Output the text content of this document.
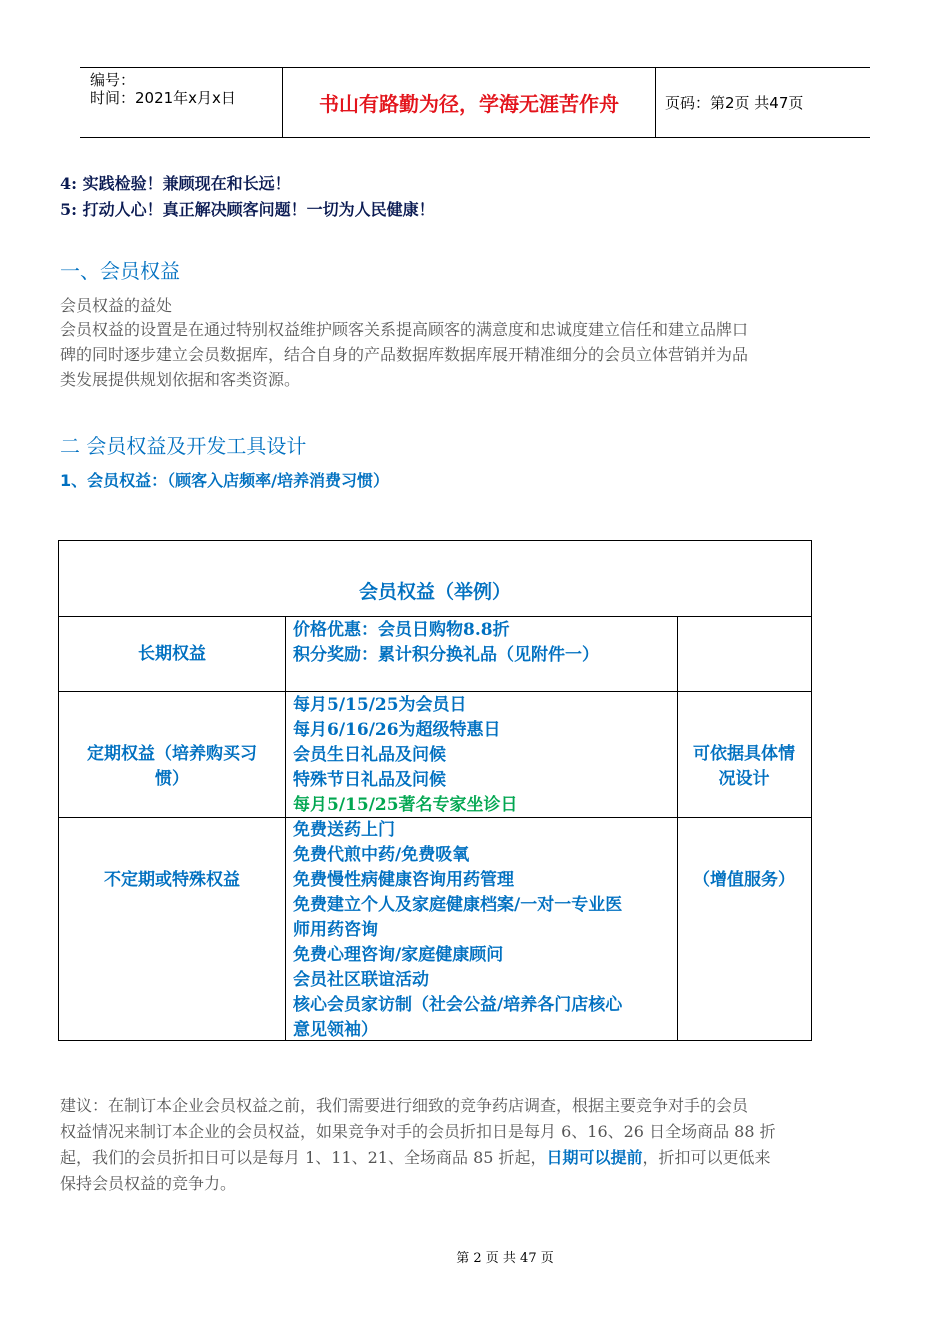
编号：
时间：2021年x月x日	书山有路勤为径，学海无涯苦作舟	页码：第2页 共47页
4: 实践检验！兼顾现在和长远！
5: 打动人心！真正解决顾客问题！一切为人民健康！
一、会员权益
会员权益的益处
会员权益的设置是在通过特别权益维护顾客关系提高顾客的满意度和忠诚度建立信任和建立品牌口
碑的同时逐步建立会员数据库，结合自身的产品数据库数据库展开精准细分的会员立体营销并为品
类发展提供规划依据和客类资源。
二 会员权益及开发工具设计
1、会员权益：（顾客入店频率/培养消费习惯）
会员权益（举例）
长期权益
价格优惠：会员日购物8.8折
积分奖励：累计积分换礼品（见附件一）
定期权益（培养购买习
惯）
每月5/15/25为会员日
每月6/16/26为超级特惠日
会员生日礼品及问候
特殊节日礼品及问候
每月5/15/25著名专家坐诊日
可依据具体情
况设计
不定期或特殊权益
免费送药上门
免费代煎中药/免费吸氧
免费慢性病健康咨询用药管理
免费建立个人及家庭健康档案/一对一专业医
师用药咨询
免费心理咨询/家庭健康顾问
会员社区联谊活动
核心会员家访制（社会公益/培养各门店核心
意见领袖）
（增值服务）
建议：在制订本企业会员权益之前，我们需要进行细致的竞争药店调查，根据主要竞争对手的会员
权益情况来制订本企业的会员权益，如果竞争对手的会员折扣日是每月 6、16、26 日全场商品 88 折
起，我们的会员折扣日可以是每月 1、11、21、全场商品 85 折起，日期可以提前，折扣可以更低来
保持会员权益的竞争力。
第 2 页 共 47 页
